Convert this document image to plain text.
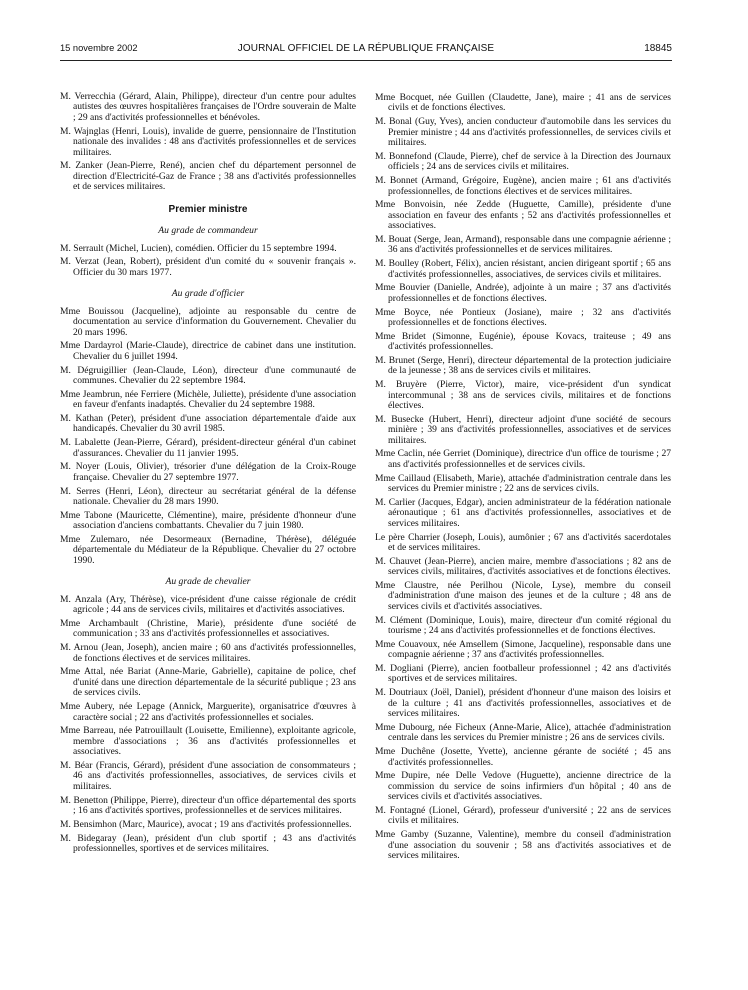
15 novembre 2002	JOURNAL OFFICIEL DE LA RÉPUBLIQUE FRANÇAISE	18845

M. Verrecchia (Gérard, Alain, Philippe), directeur d'un centre pour adultes autistes des œuvres hospitalières françaises de l'Ordre souverain de Malte ; 29 ans d'activités professionnelles et bénévoles.

M. Wajnglas (Henri, Louis), invalide de guerre, pensionnaire de l'Institution nationale des invalides : 48 ans d'activités professionnelles et de services militaires.

M. Zanker (Jean-Pierre, René), ancien chef du département personnel de direction d'Electricité-Gaz de France ; 38 ans d'activités professionnelles et de services militaires.

Premier ministre
Au grade de commandeur

M. Serrault (Michel, Lucien), comédien. Officier du 15 septembre 1994.

M. Verzat (Jean, Robert), président d'un comité du « souvenir français ». Officier du 30 mars 1977.

Au grade d'officier

Mme Bouissou (Jacqueline), adjointe au responsable du centre de documentation au service d'information du Gouvernement. Chevalier du 20 mars 1996.

Mme Dardayrol (Marie-Claude), directrice de cabinet dans une institution. Chevalier du 6 juillet 1994.

M. Dégruigillier (Jean-Claude, Léon), directeur d'une communauté de communes. Chevalier du 22 septembre 1984.

Mme Jeambrun, née Ferriere (Michèle, Juliette), présidente d'une association en faveur d'enfants inadaptés. Chevalier du 24 septembre 1988.

M. Kathan (Peter), président d'une association départementale d'aide aux handicapés. Chevalier du 30 avril 1985.

M. Labalette (Jean-Pierre, Gérard), président-directeur général d'un cabinet d'assurances. Chevalier du 11 janvier 1995.

M. Noyer (Louis, Olivier), trésorier d'une délégation de la Croix-Rouge française. Chevalier du 27 septembre 1977.

M. Serres (Henri, Léon), directeur au secrétariat général de la défense nationale. Chevalier du 28 mars 1990.

Mme Tabone (Mauricette, Clémentine), maire, présidente d'honneur d'une association d'anciens combattants. Chevalier du 7 juin 1980.

Mme Zulemaro, née Desormeaux (Bernadine, Thérèse), déléguée départementale du Médiateur de la République. Chevalier du 27 octobre 1990.

Au grade de chevalier

M. Anzala (Ary, Thérèse), vice-président d'une caisse régionale de crédit agricole ; 44 ans de services civils, militaires et d'activités associatives.

Mme Archambault (Christine, Marie), présidente d'une société de communication ; 33 ans d'activités professionnelles et associatives.

M. Arnou (Jean, Joseph), ancien maire ; 60 ans d'activités professionnelles, de fonctions électives et de services militaires.

Mme Attal, née Bariat (Anne-Marie, Gabrielle), capitaine de police, chef d'unité dans une direction départementale de la sécurité publique ; 23 ans de services civils.

Mme Aubery, née Lepage (Annick, Marguerite), organisatrice d'œuvres à caractère social ; 22 ans d'activités professionnelles et sociales.

Mme Barreau, née Patrouillault (Louisette, Emilienne), exploitante agricole, membre d'associations ; 36 ans d'activités professionnelles et associatives.

M. Béar (Francis, Gérard), président d'une association de consommateurs ; 46 ans d'activités professionnelles, associatives, de services civils et militaires.

M. Benetton (Philippe, Pierre), directeur d'un office départemental des sports ; 16 ans d'activités sportives, professionnelles et de services militaires.

M. Bensimhon (Marc, Maurice), avocat ; 19 ans d'activités professionnelles.

M. Bidegaray (Jean), président d'un club sportif ; 43 ans d'activités professionnelles, sportives et de services militaires.

Mme Bocquet, née Guillen (Claudette, Jane), maire ; 41 ans de services civils et de fonctions électives.

M. Bonal (Guy, Yves), ancien conducteur d'automobile dans les services du Premier ministre ; 44 ans d'activités professionnelles, de services civils et militaires.

M. Bonnefond (Claude, Pierre), chef de service à la Direction des Journaux officiels ; 24 ans de services civils et militaires.

M. Bonnet (Armand, Grégoire, Eugène), ancien maire ; 61 ans d'activités professionnelles, de fonctions électives et de services militaires.

Mme Bonvoisin, née Zedde (Huguette, Camille), présidente d'une association en faveur des enfants ; 52 ans d'activités professionnelles et associatives.

M. Bouat (Serge, Jean, Armand), responsable dans une compagnie aérienne ; 36 ans d'activités professionnelles et de services militaires.

M. Boulley (Robert, Félix), ancien résistant, ancien dirigeant sportif ; 65 ans d'activités professionnelles, associatives, de services civils et militaires.

Mme Bouvier (Danielle, Andrée), adjointe à un maire ; 37 ans d'activités professionnelles et de fonctions électives.

Mme Boyce, née Pontieux (Josiane), maire ; 32 ans d'activités professionnelles et de fonctions électives.

Mme Bridet (Simonne, Eugénie), épouse Kovacs, traiteuse ; 49 ans d'activités professionnelles.

M. Brunet (Serge, Henri), directeur départemental de la protection judiciaire de la jeunesse ; 38 ans de services civils et militaires.

M. Bruyère (Pierre, Victor), maire, vice-président d'un syndicat intercommunal ; 38 ans de services civils, militaires et de fonctions électives.

M. Busecke (Hubert, Henri), directeur adjoint d'une société de secours minière ; 39 ans d'activités professionnelles, associatives et de services militaires.

Mme Caclin, née Gerriet (Dominique), directrice d'un office de tourisme ; 27 ans d'activités professionnelles et de services civils.

Mme Caillaud (Elisabeth, Marie), attachée d'administration centrale dans les services du Premier ministre ; 22 ans de services civils.

M. Carlier (Jacques, Edgar), ancien administrateur de la fédération nationale aéronautique ; 61 ans d'activités professionnelles, associatives et de services militaires.

Le père Charrier (Joseph, Louis), aumônier ; 67 ans d'activités sacerdotales et de services militaires.

M. Chauvet (Jean-Pierre), ancien maire, membre d'associations ; 82 ans de services civils, militaires, d'activités associatives et de fonctions électives.

Mme Claustre, née Perilhou (Nicole, Lyse), membre du conseil d'administration d'une maison des jeunes et de la culture ; 48 ans de services civils et d'activités associatives.

M. Clément (Dominique, Louis), maire, directeur d'un comité régional du tourisme ; 24 ans d'activités professionnelles et de fonctions électives.

Mme Couavoux, née Amsellem (Simone, Jacqueline), responsable dans une compagnie aérienne ; 37 ans d'activités professionnelles.

M. Dogliani (Pierre), ancien footballeur professionnel ; 42 ans d'activités sportives et de services militaires.

M. Doutriaux (Joël, Daniel), président d'honneur d'une maison des loisirs et de la culture ; 41 ans d'activités professionnelles, associatives et de services militaires.

Mme Dubourg, née Ficheux (Anne-Marie, Alice), attachée d'administration centrale dans les services du Premier ministre ; 26 ans de services civils.

Mme Duchêne (Josette, Yvette), ancienne gérante de société ; 45 ans d'activités professionnelles.

Mme Dupire, née Delle Vedove (Huguette), ancienne directrice de la commission du service de soins infirmiers d'un hôpital ; 40 ans de services civils et d'activités associatives.

M. Fontagné (Lionel, Gérard), professeur d'université ; 22 ans de services civils et militaires.

Mme Gamby (Suzanne, Valentine), membre du conseil d'administration d'une association du souvenir ; 58 ans d'activités associatives et de services militaires.
